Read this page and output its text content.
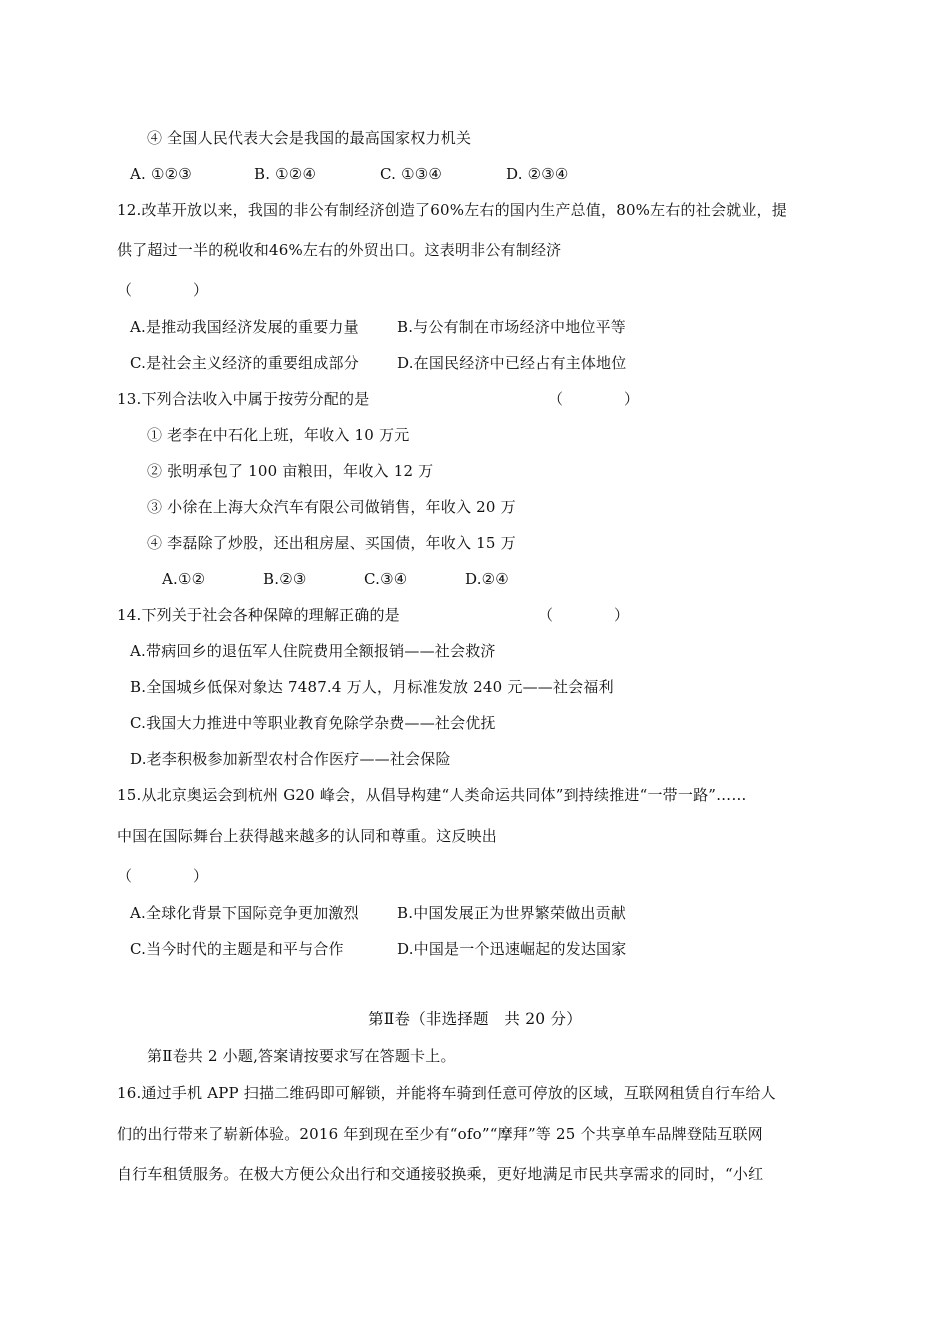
④ 全国人民代表大会是我国的最高国家权力机关
A. ①②③	B. ①②④	C. ①③④	D. ②③④
12.改革开放以来，我国的非公有制经济创造了60%左右的国内生产总值，80%左右的社会就业，提
供了超过一半的税收和46%左右的外贸出口。这表明非公有制经济
（　　　　）
A.是推动我国经济发展的重要力量	B.与公有制在市场经济中地位平等
C.是社会主义经济的重要组成部分	D.在国民经济中已经占有主体地位
13.下列合法收入中属于按劳分配的是	（　　　　）
① 老李在中石化上班，年收入 10 万元
② 张明承包了 100 亩粮田，年收入 12 万
③ 小徐在上海大众汽车有限公司做销售，年收入 20 万
④ 李磊除了炒股，还出租房屋、买国债，年收入 15 万
A.①②	B.②③	C.③④	D.②④
14.下列关于社会各种保障的理解正确的是	（　　　　）
A.带病回乡的退伍军人住院费用全额报销——社会救济
B.全国城乡低保对象达 7487.4 万人，月标准发放 240 元——社会福利
C.我国大力推进中等职业教育免除学杂费——社会优抚
D.老李积极参加新型农村合作医疗——社会保险
15.从北京奥运会到杭州 G20 峰会，从倡导构建“人类命运共同体”到持续推进“一带一路”……
中国在国际舞台上获得越来越多的认同和尊重。这反映出
（　　　　）
A.全球化背景下国际竞争更加激烈	B.中国发展正为世界繁荣做出贡献
C.当今时代的主题是和平与合作	D.中国是一个迅速崛起的发达国家
第Ⅱ卷（非选择题　共 20 分）
第Ⅱ卷共 2 小题,答案请按要求写在答题卡上。
16.通过手机 APP 扫描二维码即可解锁，并能将车骑到任意可停放的区域，互联网租赁自行车给人
们的出行带来了崭新体验。2016 年到现在至少有“ofo”“摩拜”等 25 个共享单车品牌登陆互联网
自行车租赁服务。在极大方便公众出行和交通接驳换乘，更好地满足市民共享需求的同时，“小红
